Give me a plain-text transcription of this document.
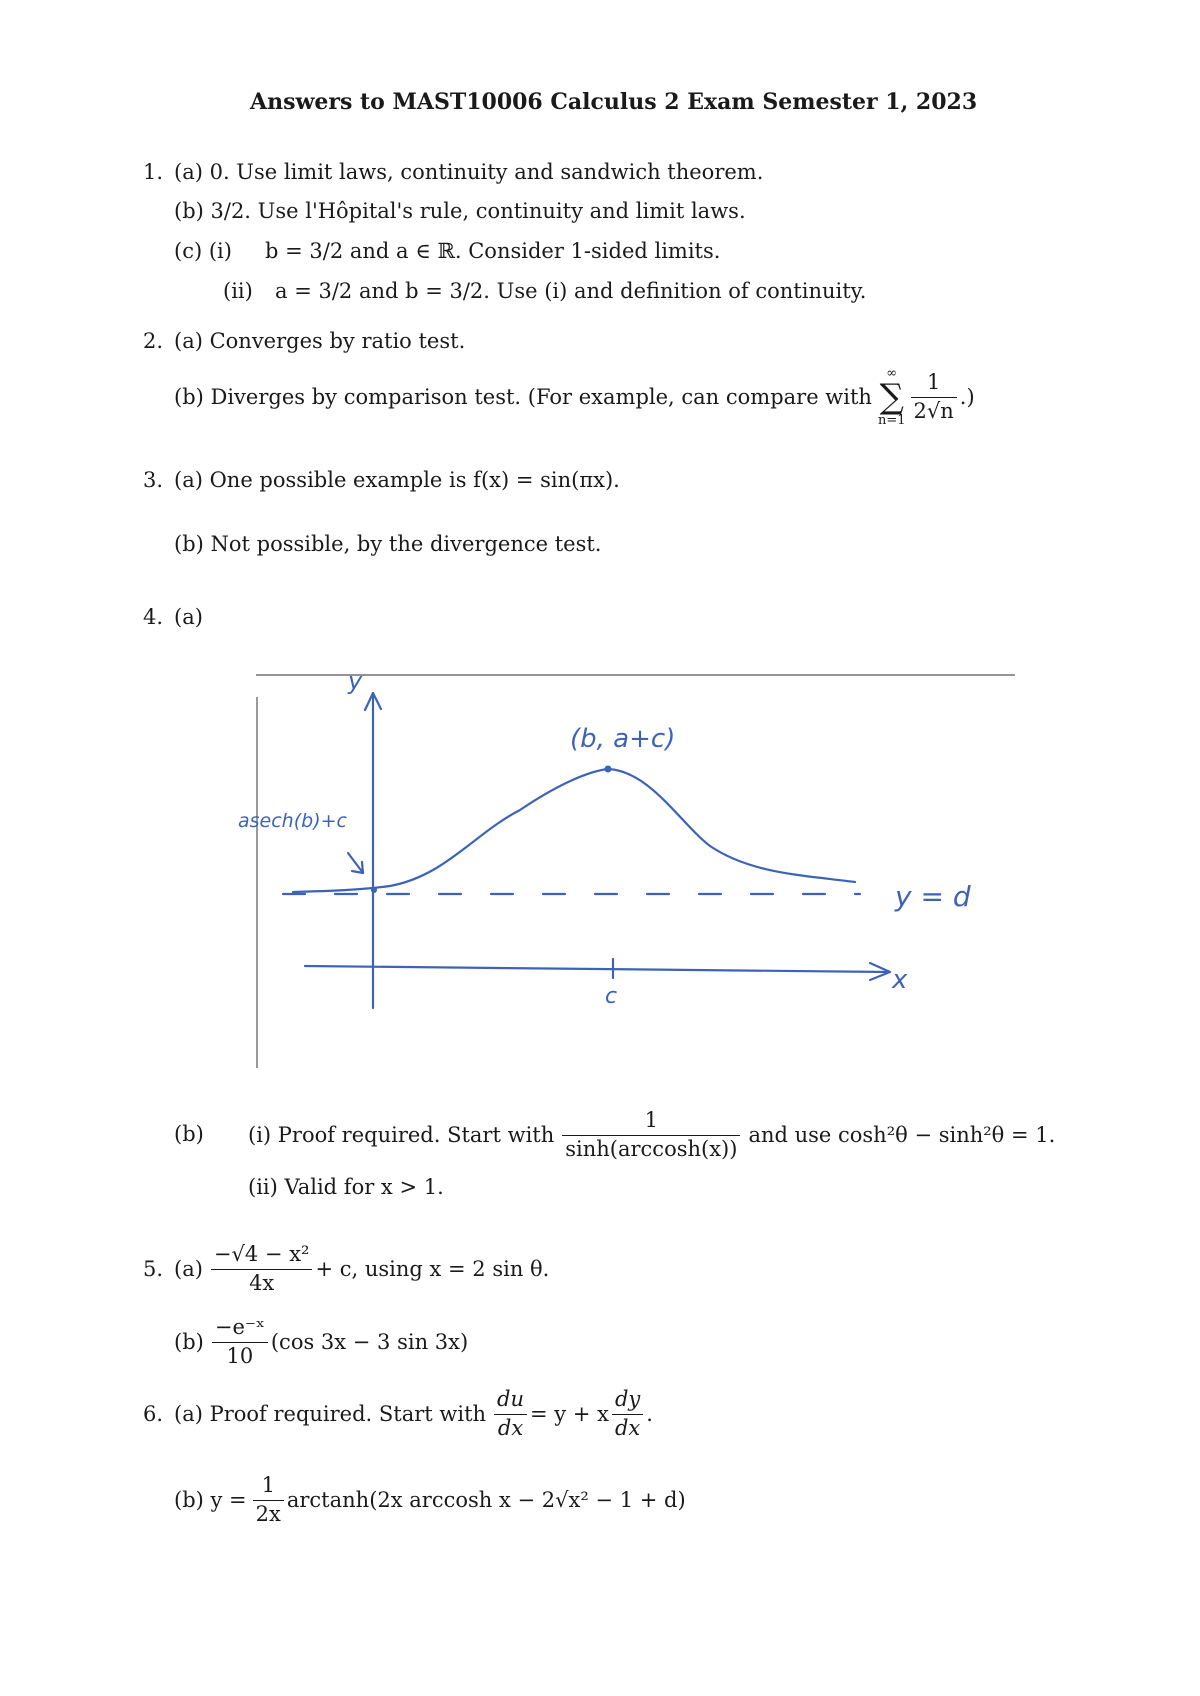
Answers to MAST10006 Calculus 2 Exam Semester 1, 2023
1. (a) 0. Use limit laws, continuity and sandwich theorem.
(b) 3/2. Use l'Hôpital's rule, continuity and limit laws.
(c) (i) b = 3/2 and a ∈ ℝ. Consider 1-sided limits.
(ii) a = 3/2 and b = 3/2. Use (i) and definition of continuity.
2. (a) Converges by ratio test.
(b) Diverges by comparison test. (For example, can compare with
∞
∑
$n=1 \frac{1}{2√n}$ .)
3. (a) One possible example is f(x) = sin(πx).
(b) Not possible, by the divergence test.
4. (a)
y
x
c
y = d
(b, a+c)
asech(b)+c
(b) (i) Proof required. Start with $\frac{1}{\sinh(\arccos h(x))}$ and use cosh²θ − sinh²θ = 1.
(ii) Valid for x > 1.
5. $(a) \frac{\text{−√4 − x²}}{4x} + c$, using x = 2 sin θ.
$(b) \frac{\text{−e⁻ˣ}}{10} (\cos$ 3x − 3 sin 3x)
6. (a) Proof required. Start with $\frac{du}{dx} = y + x \frac{dy}{dx}$ .
(b) $y = \frac{1}{2x} \arctan h(2x$ arccosh x − 2√x² − 1 + d)
